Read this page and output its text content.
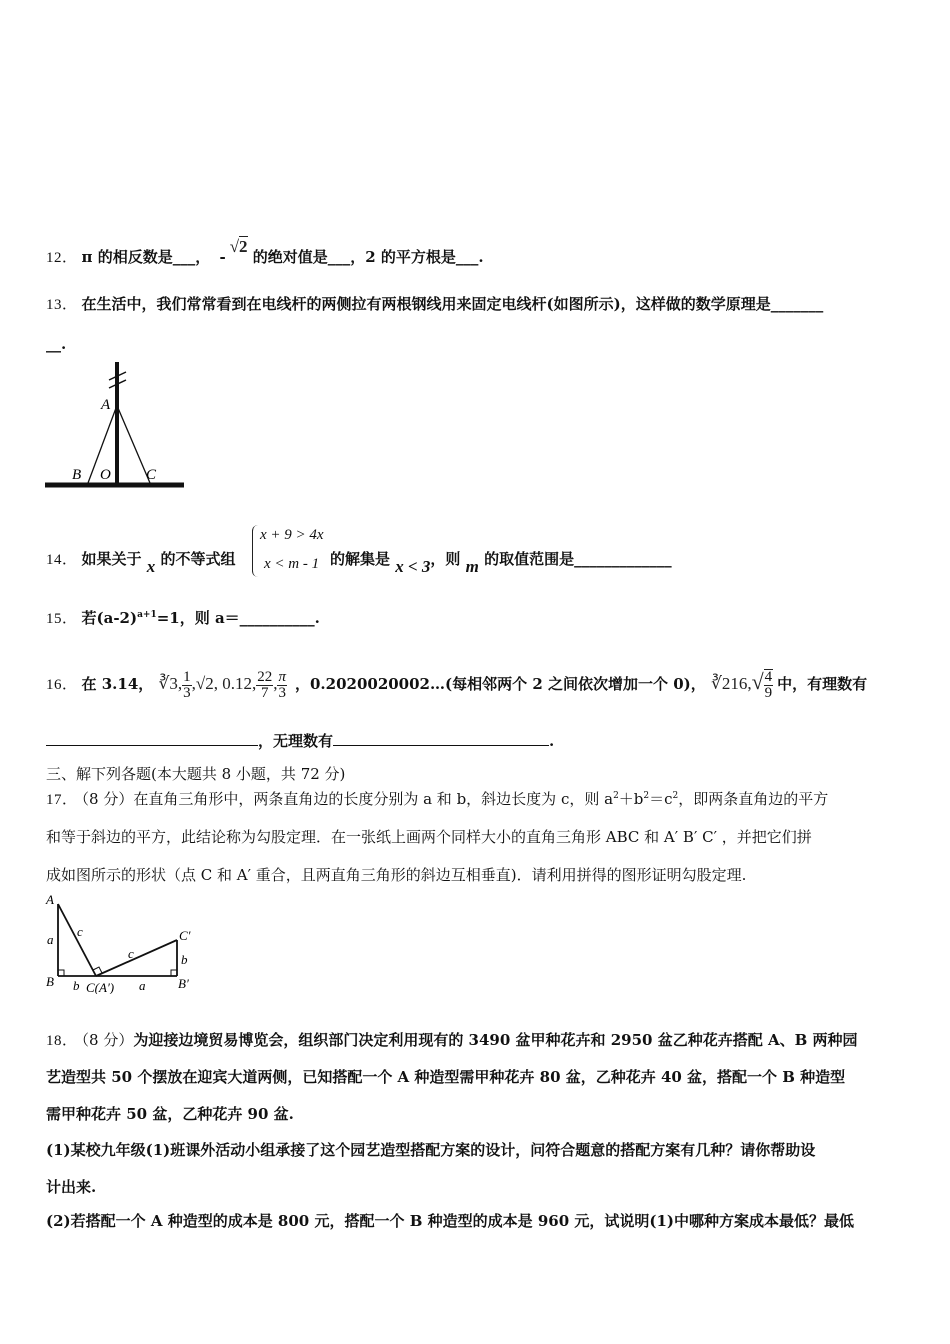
12． π 的相反数是___， -√2 的绝对值是___，2 的平方根是___.
13． 在生活中，我们常常看到在电线杆的两侧拉有两根钢线用来固定电线杆(如图所示)，这样做的数学原理是_______
__.
A
B O C
14． 如果关于 x 的不等式组	的解集是 x < 3，则 m 的取值范围是_____________
x + 9 > 4x
x < m - 1
15． 若$(a-2)^{a+1}=1$，则 a＝__________.
16． 在 3.14， ∛3, $\frac{1}{3} ,√2$, 0.12, $\frac{22}{7}$ , $\frac{\pi}{3}$ ，0.2020020002…(每相邻两个 2 之间依次增加一个 0)， ∛216,√ $\frac{4}{9}$ 中，有理数有
，无理数有	.
三、解下列各题(本大题共 8 小题，共 72 分)
17． （8 分）在直角三角形中，两条直角边的长度分别为 a 和 b，斜边长度为 c，则 $a^2+b^2=c^2$，即两条直角边的平方
和等于斜边的平方，此结论称为勾股定理．在一张纸上画两个同样大小的直角三角形 ABC 和 A′ B′ C′ ，并把它们拼
成如图所示的形状（点 C 和 A′ 重合，且两直角三角形的斜边互相垂直)．请利用拼得的图形证明勾股定理.
A
a
c
c
C′
b
B b C(A′) a	B′
18． （8 分）为迎接边境贸易博览会，组织部门决定利用现有的 3490 盆甲种花卉和 2950 盆乙种花卉搭配 A、B 两种园
艺造型共 50 个摆放在迎宾大道两侧，已知搭配一个 A 种造型需甲种花卉 80 盆，乙种花卉 40 盆，搭配一个 B 种造型
需甲种花卉 50 盆，乙种花卉 90 盆.
(1)某校九年级(1)班课外活动小组承接了这个园艺造型搭配方案的设计，问符合题意的搭配方案有几种？请你帮助设
计出来.
(2)若搭配一个 A 种造型的成本是 800 元，搭配一个 B 种造型的成本是 960 元，试说明(1)中哪种方案成本最低？最低
